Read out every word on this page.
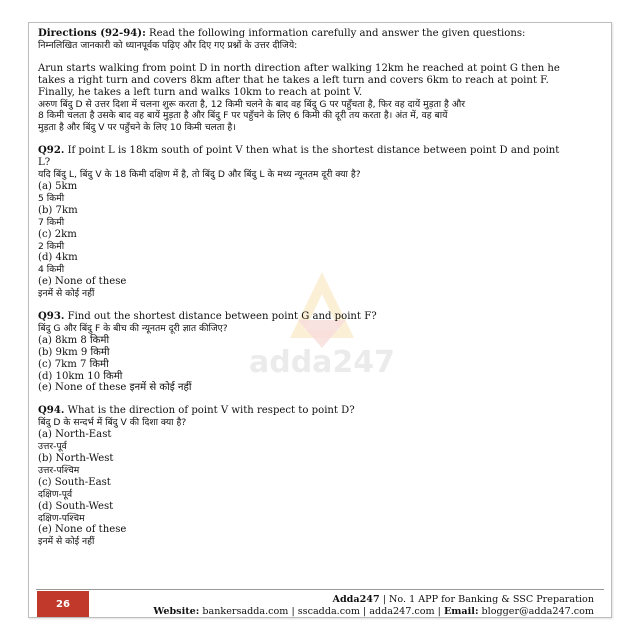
Directions (92-94): Read the following information carefully and answer the given questions:

निम्नलिखित जानकारी को ध्यानपूर्वक पढ़िए और दिए गए प्रश्नों के उत्तर दीजिये:

Arun starts walking from point D in north direction after walking 12km he reached at point G then he

takes a right turn and covers 8km after that he takes a left turn and covers 6km to reach at point F.

Finally, he takes a left turn and walks 10km to reach at point V.

अरुण बिंदु D से उत्तर दिशा में चलना शुरू करता है, 12 किमी चलने के बाद वह बिंदु G पर पहुँचता है, फिर वह दायें मुड़ता है और

8 किमी चलता है उसके बाद वह बायें मुड़ता है और बिंदु F पर पहुँचने के लिए 6 किमी की दूरी तय करता है। अंत में, वह बायें

मुड़ता है और बिंदु V पर पहुँचने के लिए 10 किमी चलता है।

Q92. If point L is 18km south of point V then what is the shortest distance between point D and point

L?

यदि बिंदु L, बिंदु V के 18 किमी दक्षिण में है, तो बिंदु D और बिंदु L के मध्य न्यूनतम दूरी क्या है?

(a) 5km

5 किमी

(b) 7km

7 किमी

(c) 2km

2 किमी

(d) 4km

4 किमी

(e) None of these

इनमें से कोई नहीं

Q93. Find out the shortest distance between point G and point F?

बिंदु G और बिंदु F के बीच की न्यूनतम दूरी ज्ञात कीजिए?

(a) 8km 8 किमी

(b) 9km 9 किमी

(c) 7km 7 किमी

(d) 10km 10 किमी

(e) None of these इनमें से कोई नहीं

Q94. What is the direction of point V with respect to point D?

बिंदु D के सन्दर्भ में बिंदु V की दिशा क्या है?

(a) North-East

उत्तर-पूर्व

(b) North-West

उत्तर-पश्चिम

(c) South-East

दक्षिण-पूर्व

(d) South-West

दक्षिण-पश्चिम

(e) None of these

इनमें से कोई नहीं

26	Adda247 | No. 1 APP for Banking & SSC Preparation
Website: bankersadda.com | sscadda.com | adda247.com | Email: blogger@adda247.com
